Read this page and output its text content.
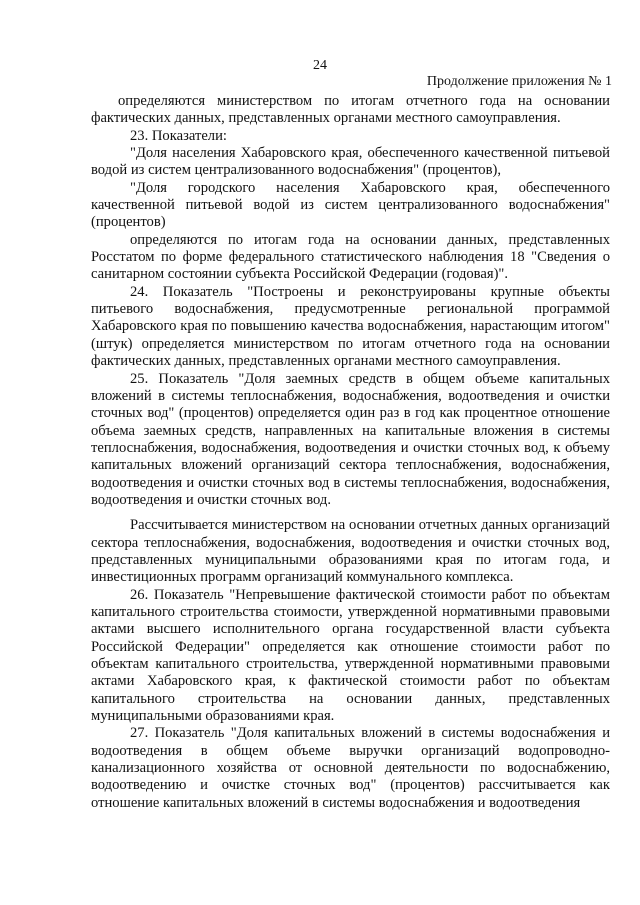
24
Продолжение приложения № 1

определяются министерством по итогам отчетного года на основании фактических данных, представленных органами местного самоуправления.

23. Показатели:

"Доля населения Хабаровского края, обеспеченного качественной питьевой водой из систем централизованного водоснабжения" (процентов),

"Доля городского населения Хабаровского края, обеспеченного качественной питьевой водой из систем централизованного водоснабжения" (процентов)

определяются по итогам года на основании данных, представленных Росстатом по форме федерального статистического наблюдения 18 "Сведения о санитарном состоянии субъекта Российской Федерации (годовая)".

24. Показатель "Построены и реконструированы крупные объекты питьевого водоснабжения, предусмотренные региональной программой Хабаровского края по повышению качества водоснабжения, нарастающим итогом" (штук) определяется министерством по итогам отчетного года на основании фактических данных, представленных органами местного самоуправления.

25. Показатель "Доля заемных средств в общем объеме капитальных вложений в системы теплоснабжения, водоснабжения, водоотведения и очистки сточных вод" (процентов) определяется один раз в год как процентное отношение объема заемных средств, направленных на капитальные вложения в системы теплоснабжения, водоснабжения, водоотведения и очистки сточных вод, к объему капитальных вложений организаций сектора теплоснабжения, водоснабжения, водоотведения и очистки сточных вод в системы теплоснабжения, водоснабжения, водоотведения и очистки сточных вод.

Рассчитывается министерством на основании отчетных данных организаций сектора теплоснабжения, водоснабжения, водоотведения и очистки сточных вод, представленных муниципальными образованиями края по итогам года, и инвестиционных программ организаций коммунального комплекса.

26. Показатель "Непревышение фактической стоимости работ по объектам капитального строительства стоимости, утвержденной нормативными правовыми актами высшего исполнительного органа государственной власти субъекта Российской Федерации" определяется как отношение стоимости работ по объектам капитального строительства, утвержденной нормативными правовыми актами Хабаровского края, к фактической стоимости работ по объектам капитального строительства на основании данных, представленных муниципальными образованиями края.

27. Показатель "Доля капитальных вложений в системы водоснабжения и водоотведения в общем объеме выручки организаций водопроводно-канализационного хозяйства от основной деятельности по водоснабжению, водоотведению и очистке сточных вод" (процентов) рассчитывается как отношение капитальных вложений в системы водоснабжения и водоотведения
